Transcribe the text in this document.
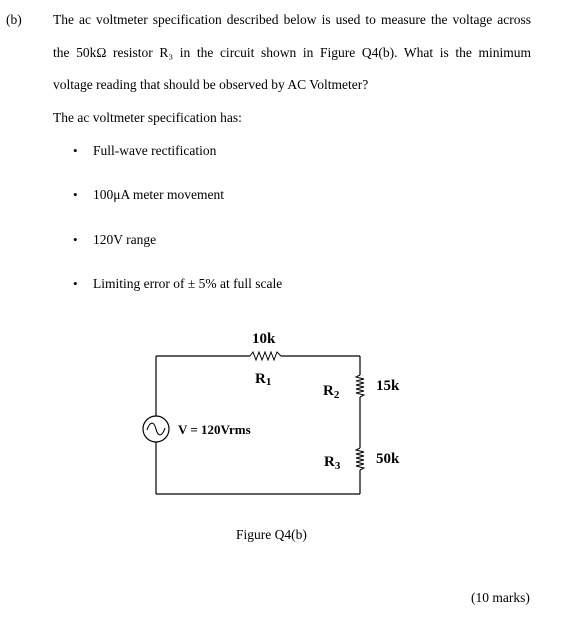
(b) The ac voltmeter specification described below is used to measure the voltage across
the 50kΩ resistor R₃ in the circuit shown in Figure Q4(b). What is the minimum
voltage reading that should be observed by AC Voltmeter?
The ac voltmeter specification has:
• Full-wave rectification
• 100μA meter movement
• 120V range
• Limiting error of ± 5% at full scale
10k
R1
$R_2$
15k
$R_3$ 50k
V = 120Vrms
Figure Q4(b)
(10 marks)
